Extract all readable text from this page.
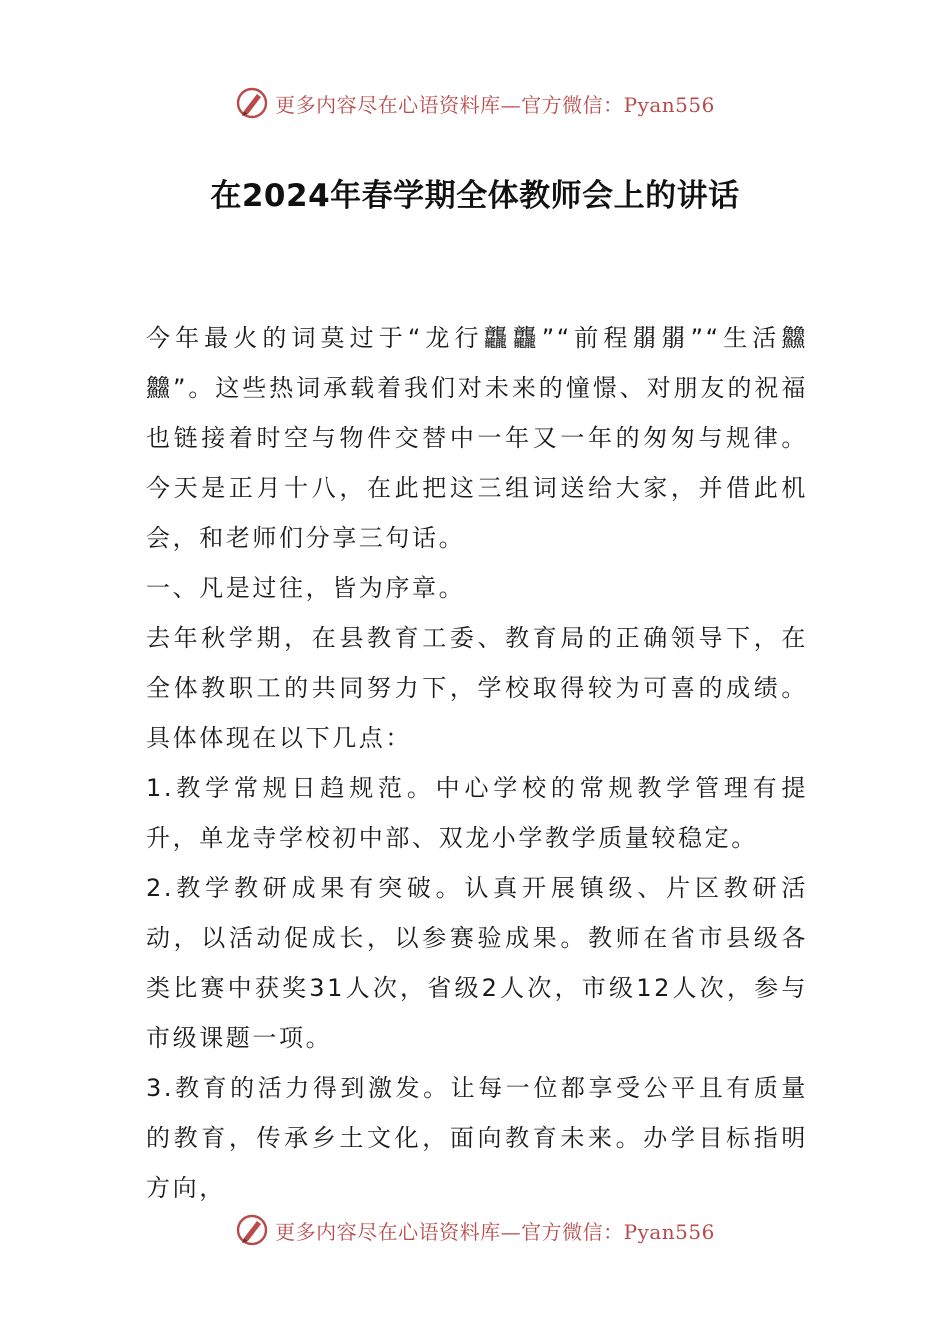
更多内容尽在心语资料库—官方微信：Pyan556
在2024年春学期全体教师会上的讲话

今年最火的词莫过于“龙行龘龘”“前程朤朤”“生活䲜䲜”。这些热词承载着我们对未来的憧憬、对朋友的祝福也链接着时空与物件交替中一年又一年的匆匆与规律。今天是正月十八，在此把这三组词送给大家，并借此机会，和老师们分享三句话。

一、凡是过往，皆为序章。

去年秋学期，在县教育工委、教育局的正确领导下，在全体教职工的共同努力下，学校取得较为可喜的成绩。具体体现在以下几点：

1.教学常规日趋规范。中心学校的常规教学管理有提升，单龙寺学校初中部、双龙小学教学质量较稳定。

2.教学教研成果有突破。认真开展镇级、片区教研活动，以活动促成长，以参赛验成果。教师在省市县级各类比赛中获奖31人次，省级2人次，市级12人次，参与市级课题一项。

3.教育的活力得到激发。让每一位都享受公平且有质量的教育，传承乡土文化，面向教育未来。办学目标指明方向，

更多内容尽在心语资料库—官方微信：Pyan556
